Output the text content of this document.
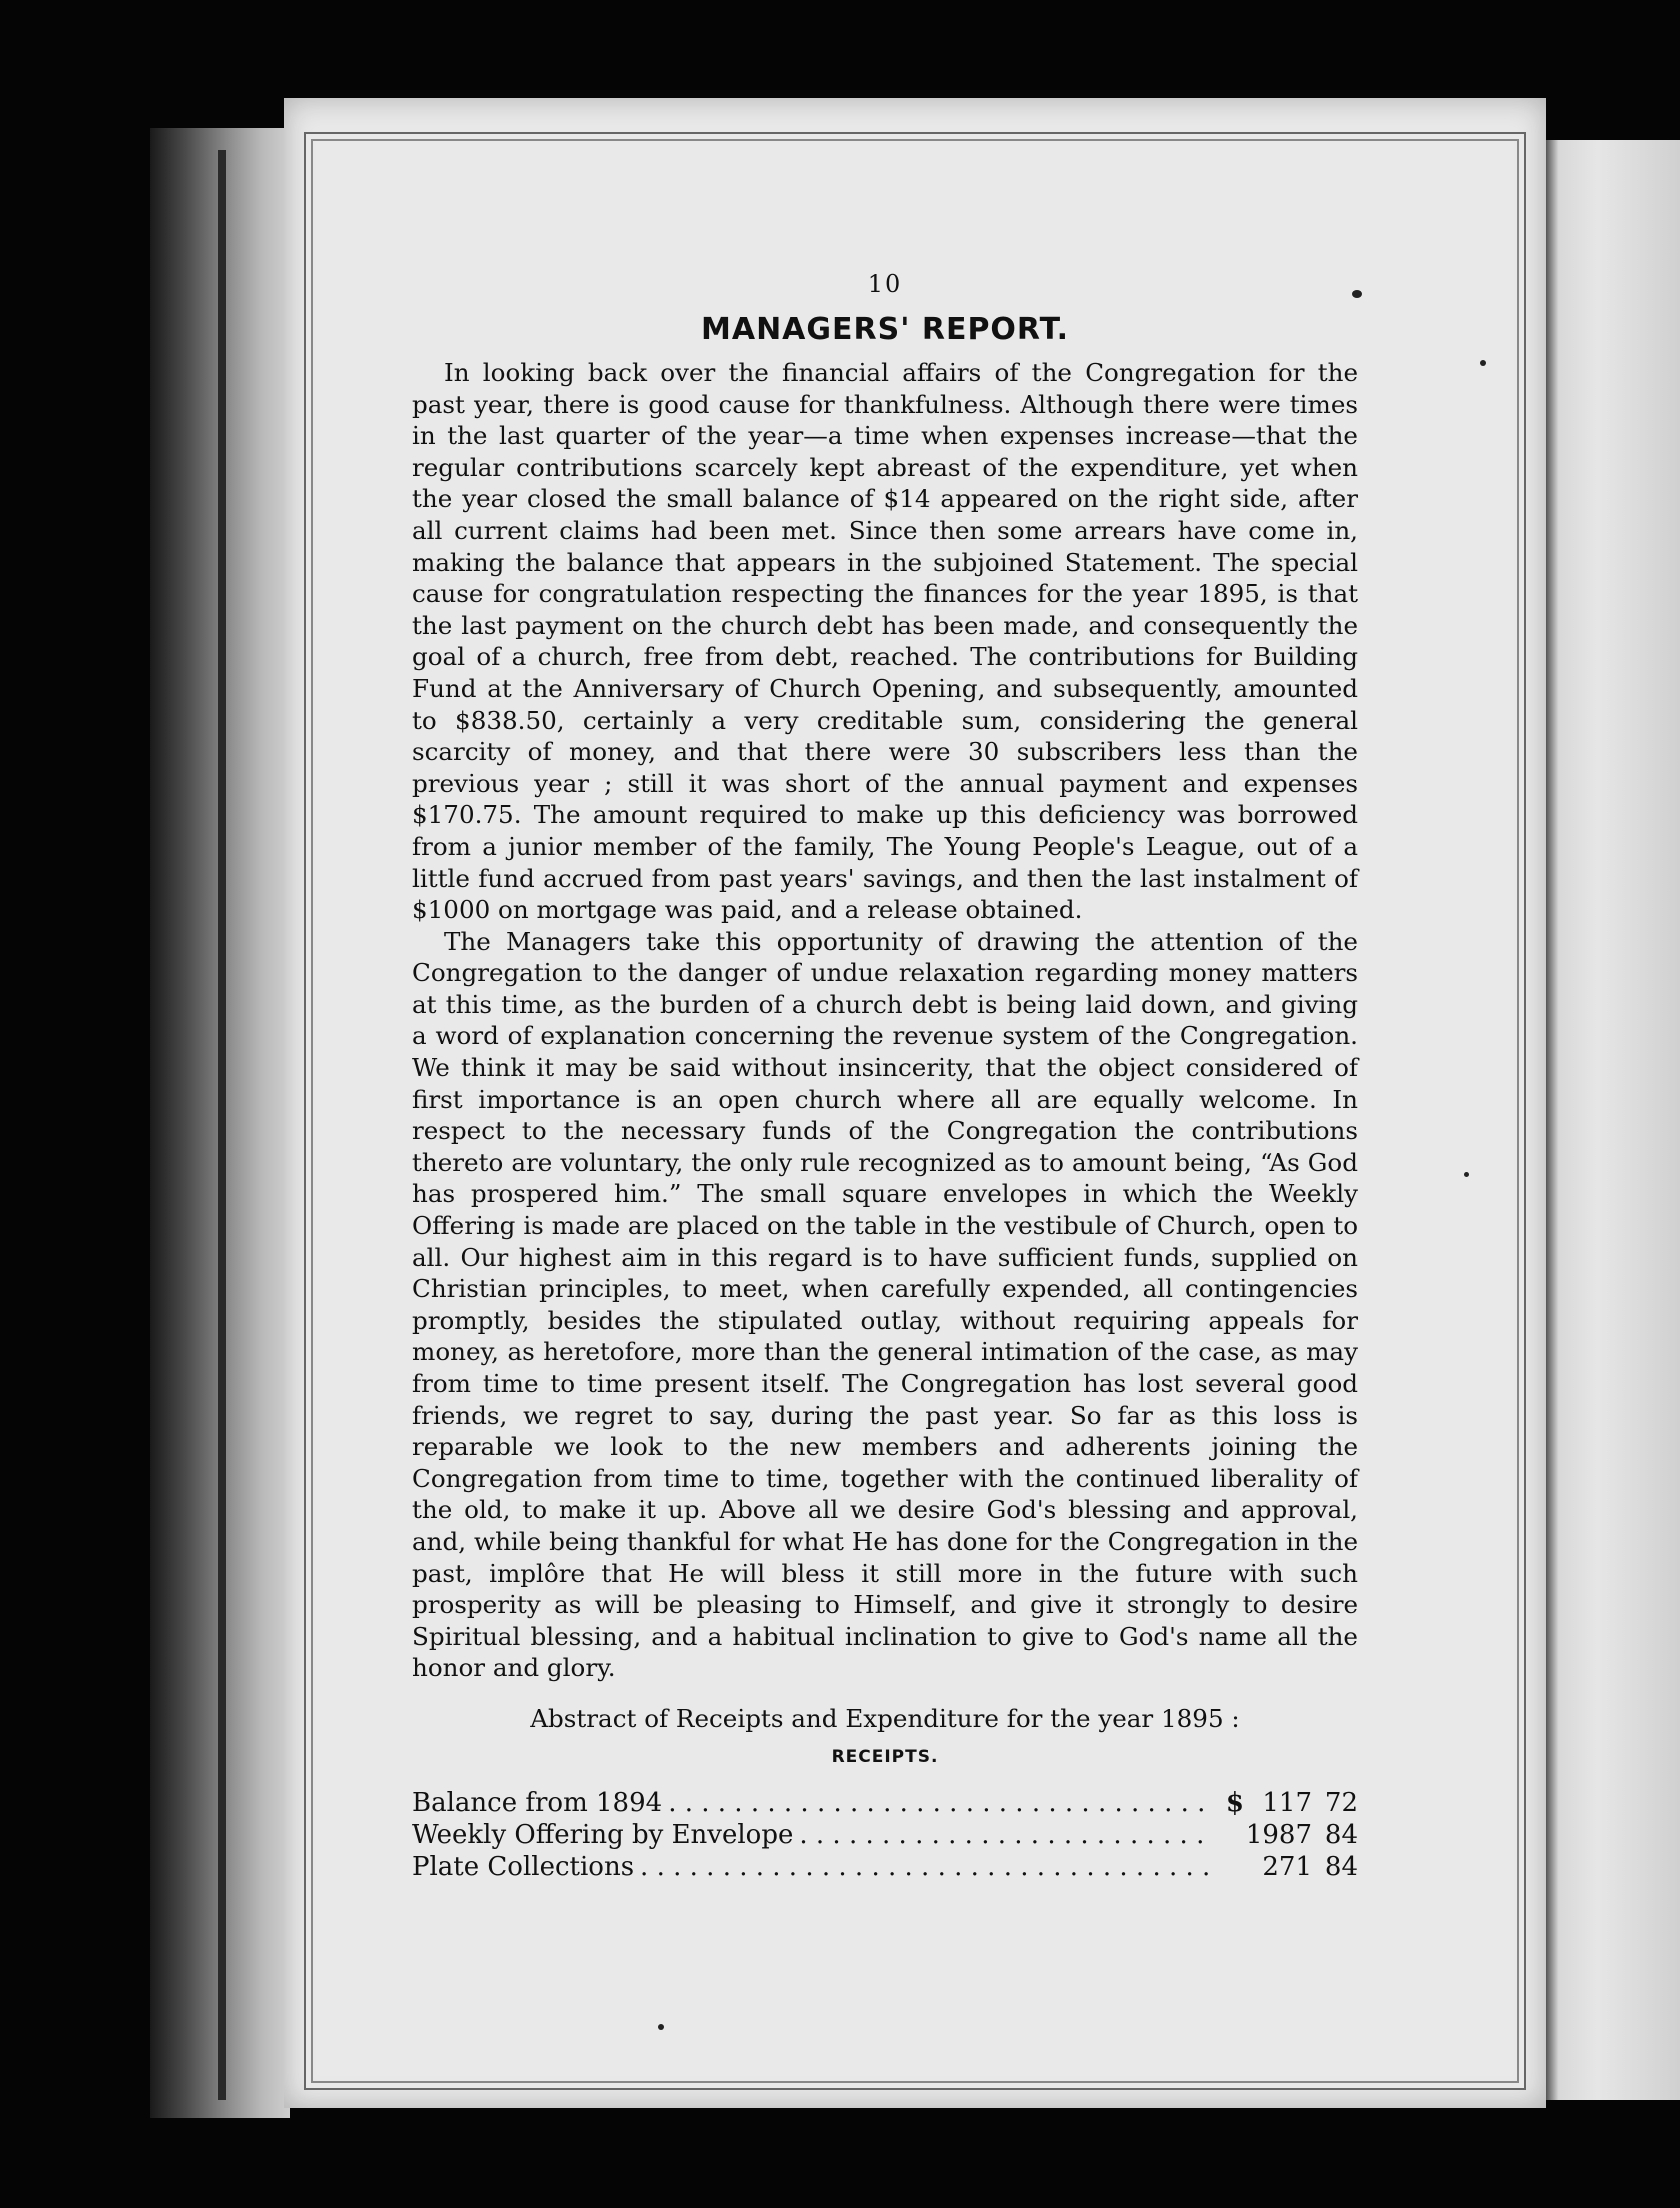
10
MANAGERS' REPORT.

In looking back over the financial affairs of the Congregation for the past year, there is good cause for thankfulness. Although there were times in the last quarter of the year—a time when expenses increase—that the regular contributions scarcely kept abreast of the expenditure, yet when the year closed the small balance of $14 appeared on the right side, after all current claims had been met. Since then some arrears have come in, making the balance that appears in the subjoined Statement. The special cause for congratulation respecting the finances for the year 1895, is that the last payment on the church debt has been made, and consequently the goal of a church, free from debt, reached. The contributions for Building Fund at the Anniversary of Church Opening, and subsequently, amounted to $838.50, certainly a very creditable sum, considering the general scarcity of money, and that there were 30 subscribers less than the previous year ; still it was short of the annual payment and expenses $170.75. The amount required to make up this deficiency was borrowed from a junior member of the family, The Young People's League, out of a little fund accrued from past years' savings, and then the last instalment of $1000 on mortgage was paid, and a release obtained.

The Managers take this opportunity of drawing the attention of the Congregation to the danger of undue relaxation regarding money matters at this time, as the burden of a church debt is being laid down, and giving a word of explanation concerning the revenue system of the Congregation. We think it may be said without insincerity, that the object considered of first importance is an open church where all are equally welcome. In respect to the necessary funds of the Congregation the contributions thereto are voluntary, the only rule recognized as to amount being, “As God has prospered him.” The small square envelopes in which the Weekly Offering is made are placed on the table in the vestibule of Church, open to all. Our highest aim in this regard is to have sufficient funds, supplied on Christian principles, to meet, when carefully expended, all contingencies promptly, besides the stipulated outlay, without requiring appeals for money, as heretofore, more than the general intimation of the case, as may from time to time present itself. The Congregation has lost several good friends, we regret to say, during the past year. So far as this loss is reparable we look to the new members and adherents joining the Congregation from time to time, together with the continued liberality of the old, to make it up. Above all we desire God's blessing and approval, and, while being thankful for what He has done for the Congregation in the past, implôre that He will bless it still more in the future with such prosperity as will be pleasing to Himself, and give it strongly to desire Spiritual blessing, and a habitual inclination to give to God's name all the honor and glory.

Abstract of Receipts and Expenditure for the year 1895 :
RECEIPTS.
Balance from 1894 . . .	$ 117 72
Weekly Offering by Envelope . . .	1987 84
Plate Collections . . .	271 84
